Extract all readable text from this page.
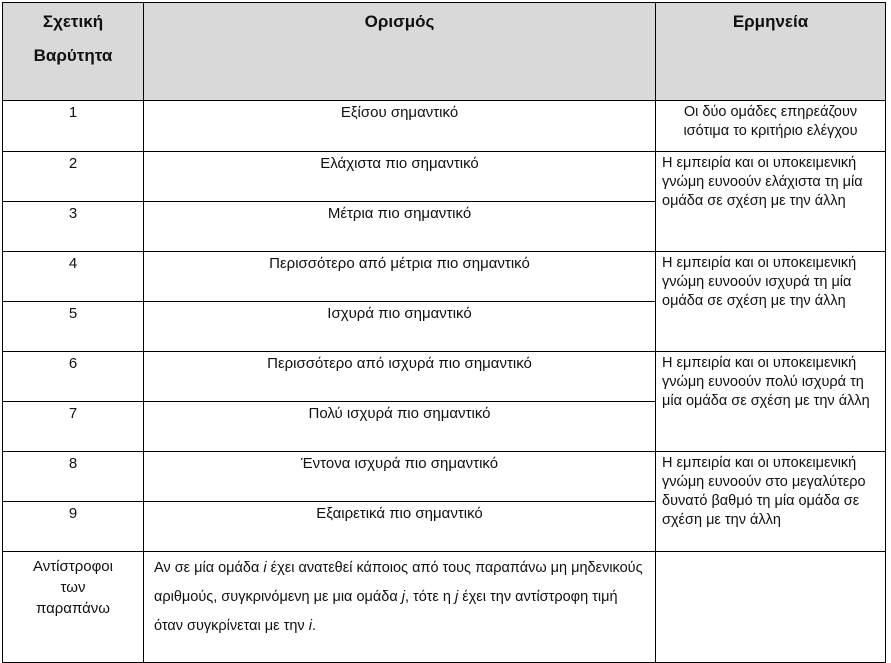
Σχετική
Βαρύτητα	Ορισμός	Ερμηνεία
1	Εξίσου σημαντικό	Οι δύο ομάδες επηρεάζουν ισότιμα το κριτήριο ελέγχου
2	Ελάχιστα πιο σημαντικό	Η εμπειρία και οι υποκειμενική γνώμη ευνοούν ελάχιστα τη μία ομάδα σε σχέση με την άλλη
3	Μέτρια πιο σημαντικό	
4	Περισσότερο από μέτρια πιο σημαντικό	Η εμπειρία και οι υποκειμενική γνώμη ευνοούν ισχυρά τη μία ομάδα σε σχέση με την άλλη
5	Ισχυρά πιο σημαντικό	
6	Περισσότερο από ισχυρά πιο σημαντικό	Η εμπειρία και οι υποκειμενική γνώμη ευνοούν πολύ ισχυρά τη μία ομάδα σε σχέση με την άλλη
7	Πολύ ισχυρά πιο σημαντικό	
8	Έντονα ισχυρά πιο σημαντικό	Η εμπειρία και οι υποκειμενική γνώμη ευνοούν στο μεγαλύτερο δυνατό βαθμό τη μία ομάδα σε σχέση με την άλλη
9	Εξαιρετικά πιο σημαντικό	

Αντίστροφοι
των
παραπάνω	Αν σε μία ομάδα i έχει ανατεθεί κάποιος από τους παραπάνω μη μηδενικούς αριθμούς, συγκρινόμενη με μια ομάδα j, τότε η j έχει την αντίστροφη τιμή όταν συγκρίνεται με την i.	
